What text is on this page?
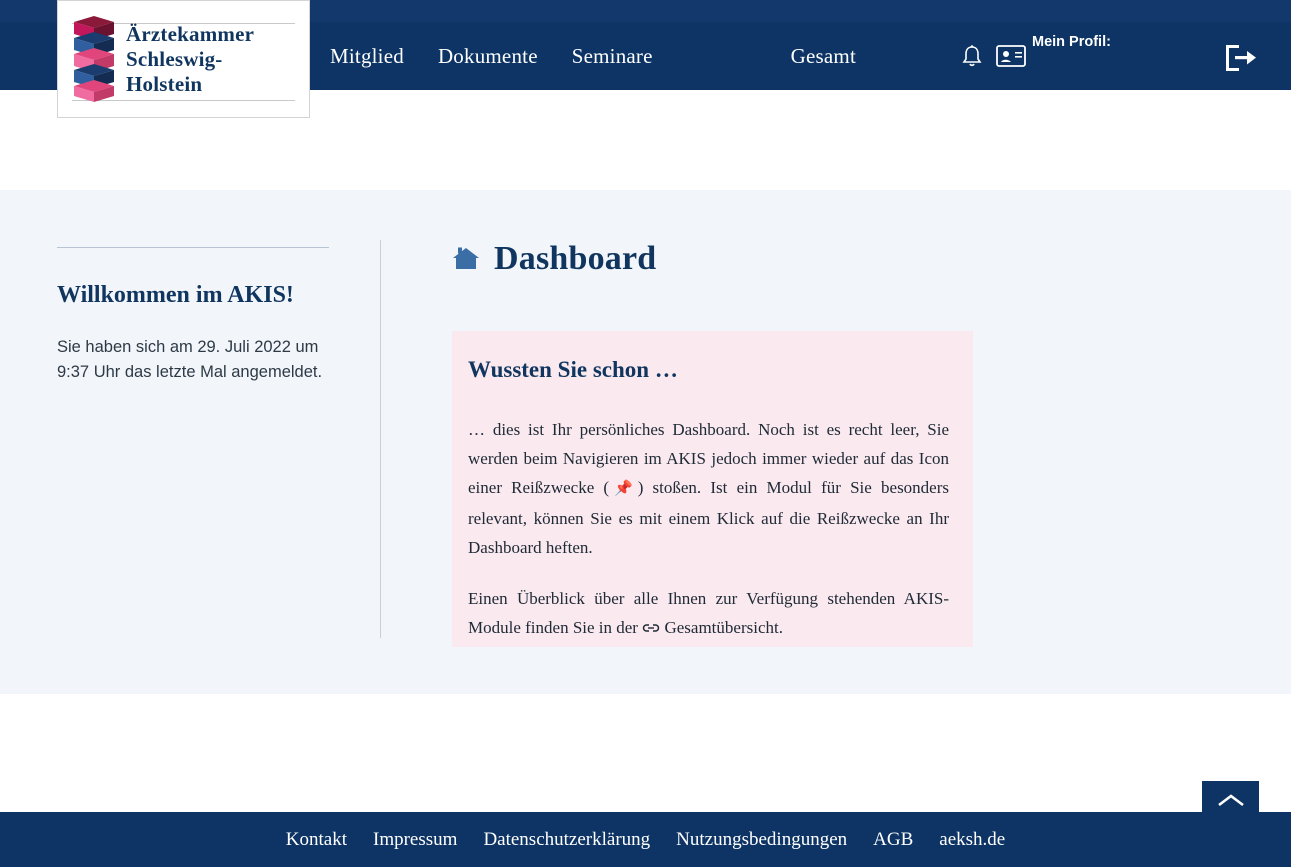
Ärztekammer
Schleswig-Holstein
Mitglied Dokumente Seminare	Gesamt
Mein Profil:
Willkommen im AKIS!

Sie haben sich am 29. Juli 2022 um 9:37 Uhr das letzte Mal angemeldet.

Dashboard
Wussten Sie schon …

… dies ist Ihr persönliches Dashboard. Noch ist es recht leer, Sie werden beim Navigieren im AKIS jedoch immer wieder auf das Icon einer Reißzwecke (📌) stoßen. Ist ein Modul für Sie besonders relevant, können Sie es mit einem Klick auf die Reißzwecke an Ihr Dashboard heften.

Einen Überblick über alle Ihnen zur Verfügung stehenden AKIS-Module finden Sie in der Gesamtübersicht.

Kontakt Impressum Datenschutzerklärung Nutzungsbedingungen AGB aeksh.de
